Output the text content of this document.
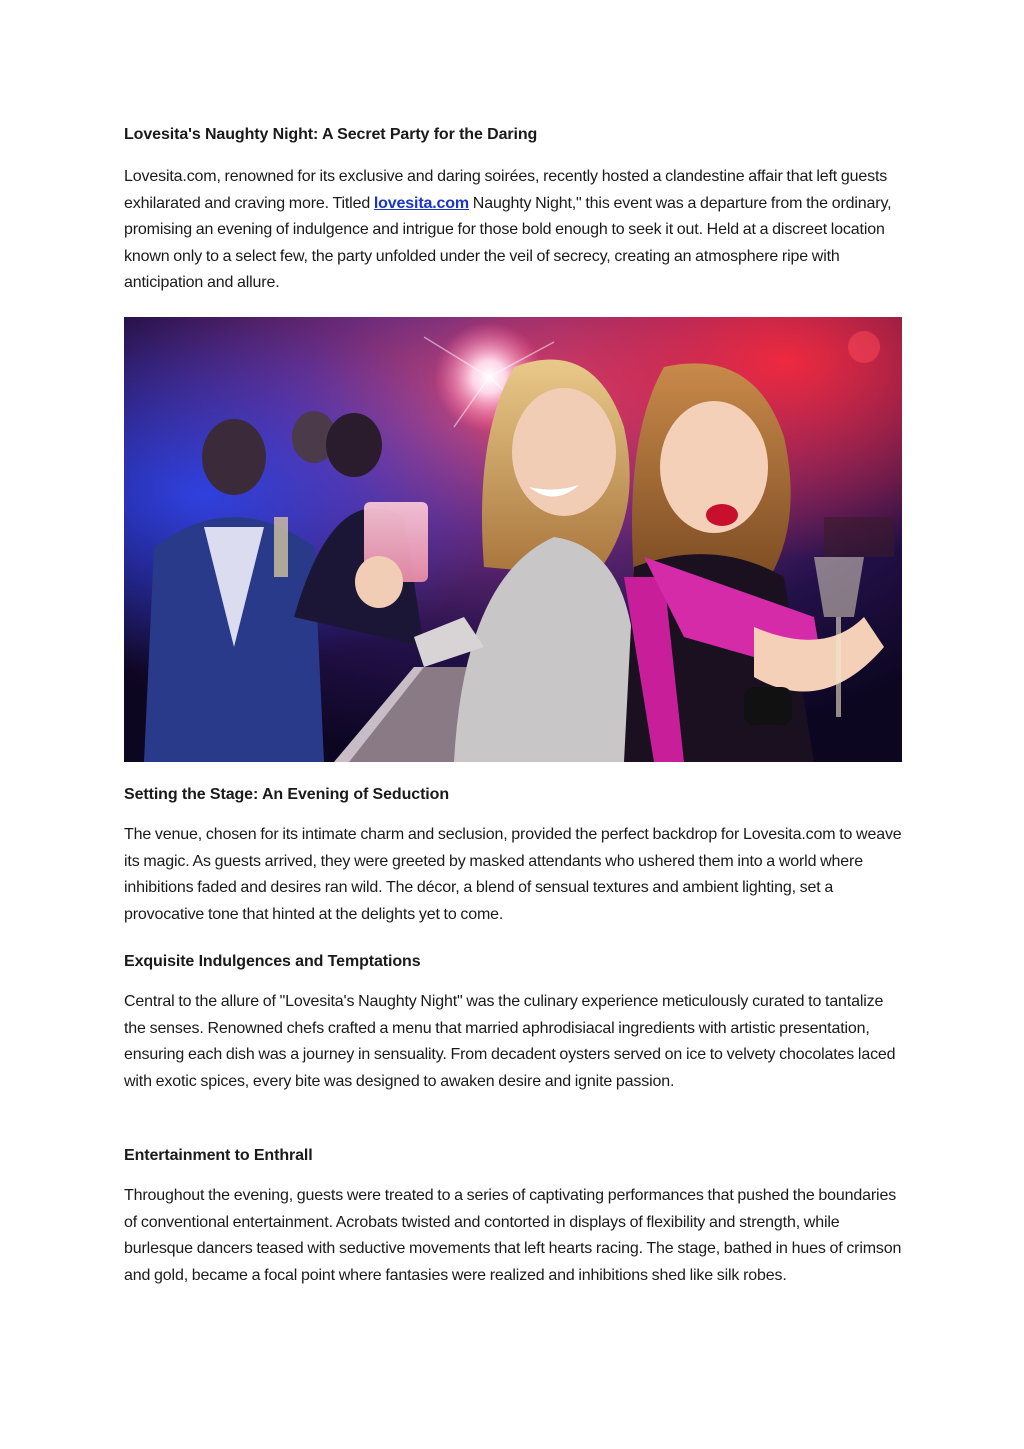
Lovesita's Naughty Night: A Secret Party for the Daring

Lovesita.com, renowned for its exclusive and daring soirées, recently hosted a clandestine affair that left guests exhilarated and craving more. Titled lovesita.com Naughty Night," this event was a departure from the ordinary, promising an evening of indulgence and intrigue for those bold enough to seek it out. Held at a discreet location known only to a select few, the party unfolded under the veil of secrecy, creating an atmosphere ripe with anticipation and allure.

Setting the Stage: An Evening of Seduction

The venue, chosen for its intimate charm and seclusion, provided the perfect backdrop for Lovesita.com to weave its magic. As guests arrived, they were greeted by masked attendants who ushered them into a world where inhibitions faded and desires ran wild. The décor, a blend of sensual textures and ambient lighting, set a provocative tone that hinted at the delights yet to come.

Exquisite Indulgences and Temptations

Central to the allure of "Lovesita's Naughty Night" was the culinary experience meticulously curated to tantalize the senses. Renowned chefs crafted a menu that married aphrodisiacal ingredients with artistic presentation, ensuring each dish was a journey in sensuality. From decadent oysters served on ice to velvety chocolates laced with exotic spices, every bite was designed to awaken desire and ignite passion.

Entertainment to Enthrall

Throughout the evening, guests were treated to a series of captivating performances that pushed the boundaries of conventional entertainment. Acrobats twisted and contorted in displays of flexibility and strength, while burlesque dancers teased with seductive movements that left hearts racing. The stage, bathed in hues of crimson and gold, became a focal point where fantasies were realized and inhibitions shed like silk robes.
